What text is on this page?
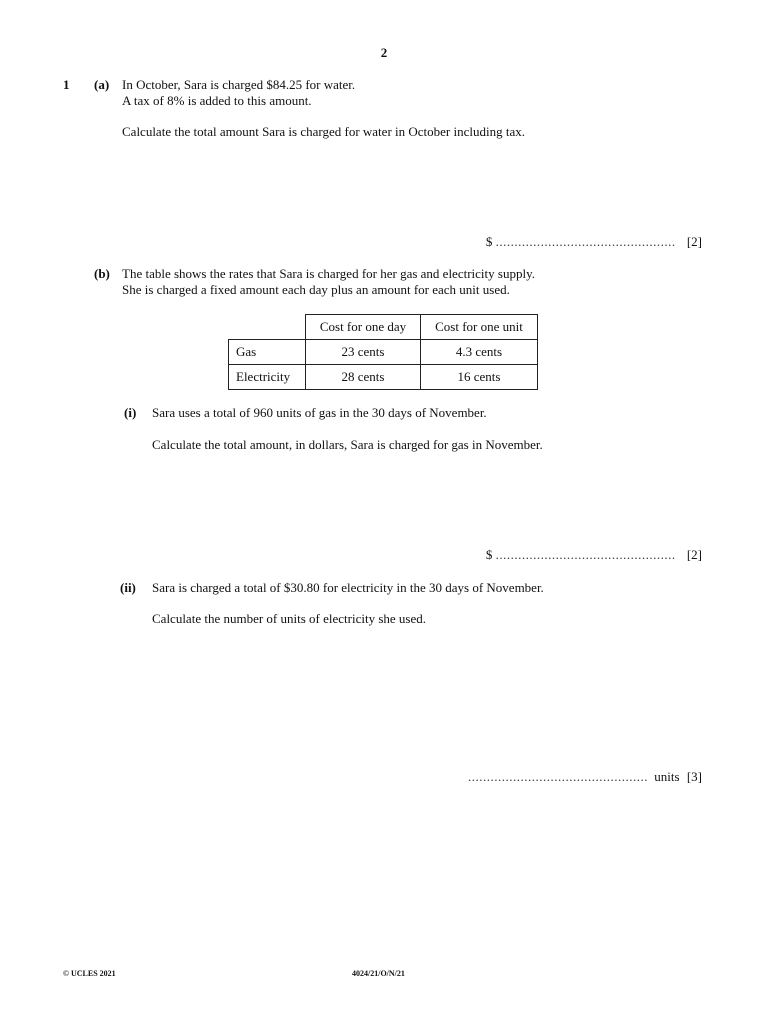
2
1 (a) In October, Sara is charged $84.25 for water.
A tax of 8% is added to this amount.
Calculate the total amount Sara is charged for water in October including tax.
$ ................................................ [2]
(b) The table shows the rates that Sara is charged for her gas and electricity supply.
She is charged a fixed amount each day plus an amount for each unit used.
	Cost for one day	Cost for one unit
Gas	23 cents	4.3 cents
Electricity	28 cents	16 cents
(i) Sara uses a total of 960 units of gas in the 30 days of November.
Calculate the total amount, in dollars, Sara is charged for gas in November.
$ ................................................ [2]
(ii) Sara is charged a total of $30.80 for electricity in the 30 days of November.
Calculate the number of units of electricity she used.
................................................ units [3]
© UCLES 2021	4024/21/O/N/21
